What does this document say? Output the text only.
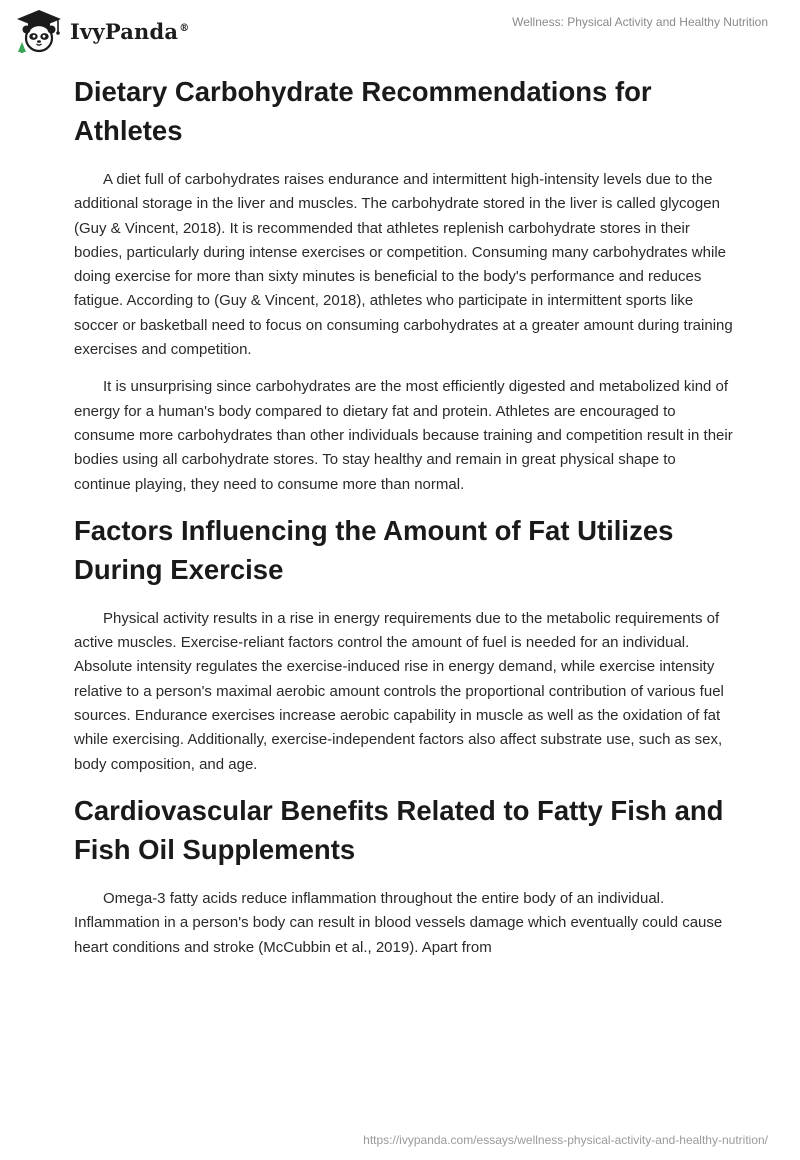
IvyPanda®	Wellness: Physical Activity and Healthy Nutrition
Dietary Carbohydrate Recommendations for Athletes

A diet full of carbohydrates raises endurance and intermittent high-intensity levels due to the additional storage in the liver and muscles. The carbohydrate stored in the liver is called glycogen (Guy & Vincent, 2018). It is recommended that athletes replenish carbohydrate stores in their bodies, particularly during intense exercises or competition. Consuming many carbohydrates while doing exercise for more than sixty minutes is beneficial to the body's performance and reduces fatigue. According to (Guy & Vincent, 2018), athletes who participate in intermittent sports like soccer or basketball need to focus on consuming carbohydrates at a greater amount during training exercises and competition.

It is unsurprising since carbohydrates are the most efficiently digested and metabolized kind of energy for a human's body compared to dietary fat and protein. Athletes are encouraged to consume more carbohydrates than other individuals because training and competition result in their bodies using all carbohydrate stores. To stay healthy and remain in great physical shape to continue playing, they need to consume more than normal.

Factors Influencing the Amount of Fat Utilizes During Exercise

Physical activity results in a rise in energy requirements due to the metabolic requirements of active muscles. Exercise-reliant factors control the amount of fuel is needed for an individual. Absolute intensity regulates the exercise-induced rise in energy demand, while exercise intensity relative to a person's maximal aerobic amount controls the proportional contribution of various fuel sources. Endurance exercises increase aerobic capability in muscle as well as the oxidation of fat while exercising. Additionally, exercise-independent factors also affect substrate use, such as sex, body composition, and age.

Cardiovascular Benefits Related to Fatty Fish and Fish Oil Supplements

Omega-3 fatty acids reduce inflammation throughout the entire body of an individual. Inflammation in a person's body can result in blood vessels damage which eventually could cause heart conditions and stroke (McCubbin et al., 2019). Apart from

https://ivypanda.com/essays/wellness-physical-activity-and-healthy-nutrition/
